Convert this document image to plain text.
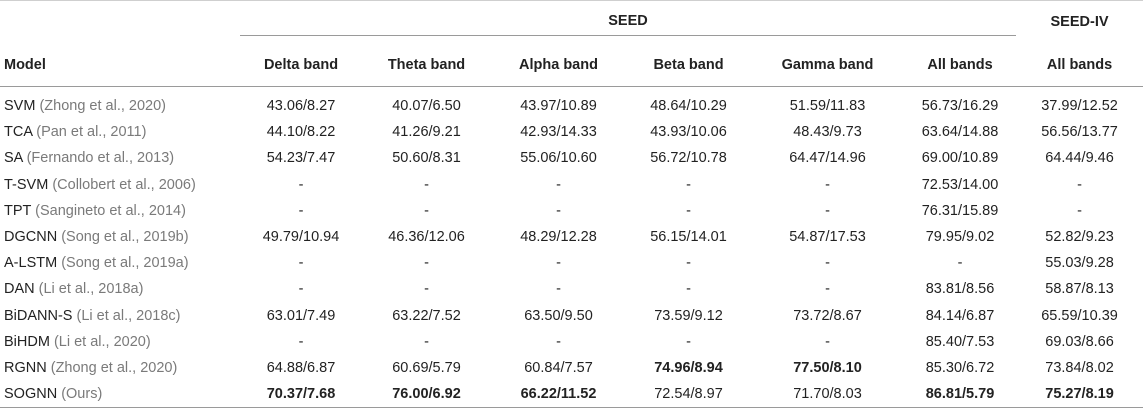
	SEED						SEED-IV

Model	Delta band	Theta band	Alpha band	Beta band	Gamma band	All bands	All bands
SVM (Zhong et al., 2020)	43.06/8.27	40.07/6.50	43.97/10.89	48.64/10.29	51.59/11.83	56.73/16.29	37.99/12.52
TCA (Pan et al., 2011)	44.10/8.22	41.26/9.21	42.93/14.33	43.93/10.06	48.43/9.73	63.64/14.88	56.56/13.77
SA (Fernando et al., 2013)	54.23/7.47	50.60/8.31	55.06/10.60	56.72/10.78	64.47/14.96	69.00/10.89	64.44/9.46
T-SVM (Collobert et al., 2006)	-	-	-	-	-	72.53/14.00	-
TPT (Sangineto et al., 2014)	-	-	-	-	-	76.31/15.89	-
DGCNN (Song et al., 2019b)	49.79/10.94	46.36/12.06	48.29/12.28	56.15/14.01	54.87/17.53	79.95/9.02	52.82/9.23
A-LSTM (Song et al., 2019a)	-	-	-	-	-	-	55.03/9.28
DAN (Li et al., 2018a)	-	-	-	-	-	83.81/8.56	58.87/8.13
BiDANN-S (Li et al., 2018c)	63.01/7.49	63.22/7.52	63.50/9.50	73.59/9.12	73.72/8.67	84.14/6.87	65.59/10.39
BiHDM (Li et al., 2020)	-	-	-	-	-	85.40/7.53	69.03/8.66
RGNN (Zhong et al., 2020)	64.88/6.87	60.69/5.79	60.84/7.57	74.96/8.94	77.50/8.10	85.30/6.72	73.84/8.02
SOGNN (Ours)	70.37/7.68	76.00/6.92	66.22/11.52	72.54/8.97	71.70/8.03	86.81/5.79	75.27/8.19
